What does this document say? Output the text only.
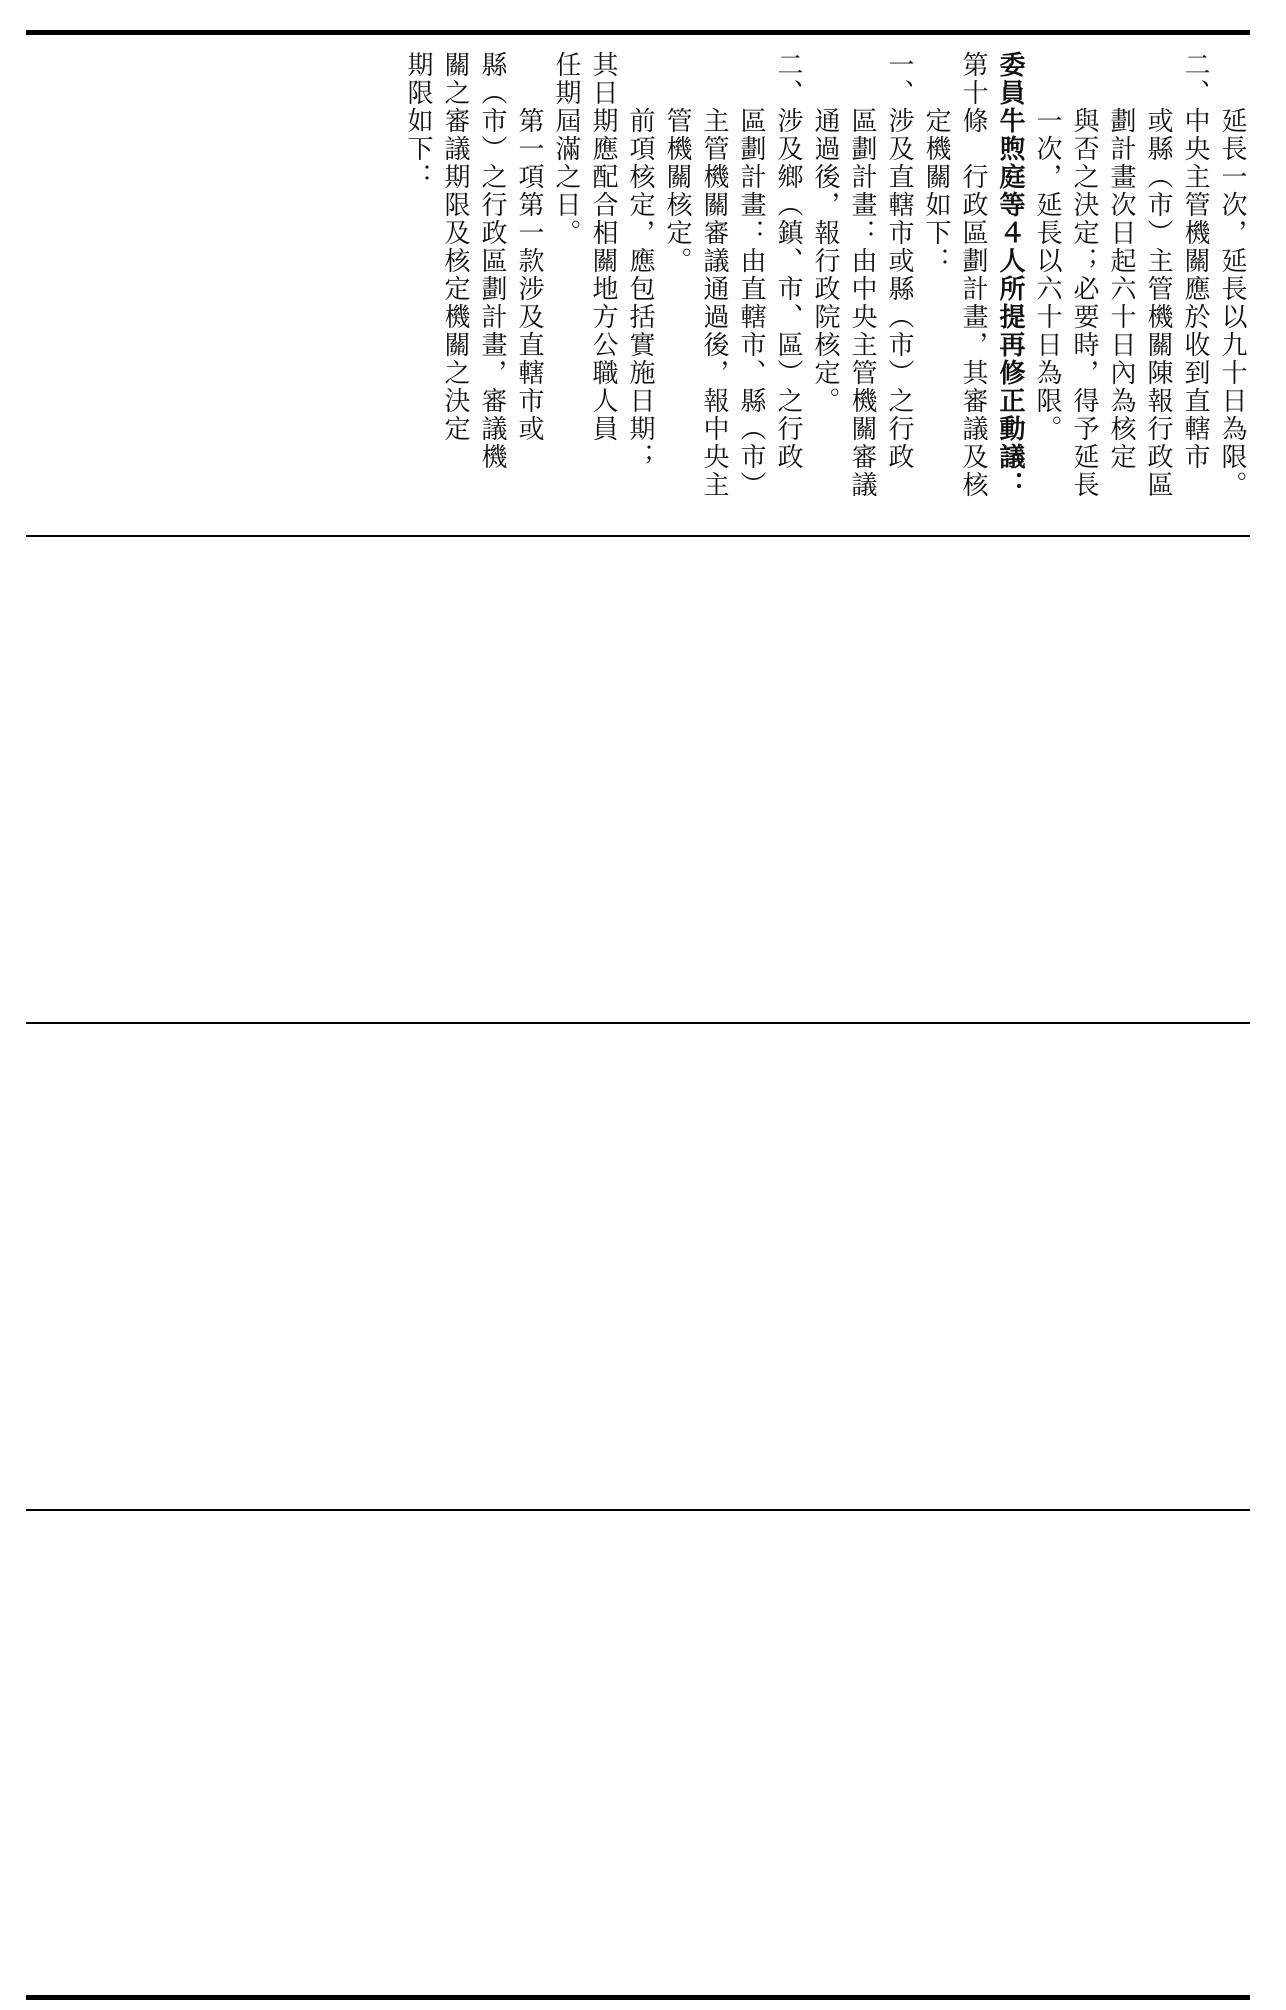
　　延長一次，延長以九十日為限。
二、中央主管機關應於收到直轄市
　　或縣（市）主管機關陳報行政區
　　劃計畫次日起六十日內為核定
　　與否之決定；必要時，得予延長
　　一次，延長以六十日為限。
委員牛煦庭等４人所提再修正動議：
第十條　行政區劃計畫，其審議及核
　　定機關如下：
一、涉及直轄市或縣（市）之行政
　　區劃計畫：由中央主管機關審議
　　通過後，報行政院核定。
二、涉及鄉（鎮、市、區）之行政
　　區劃計畫：由直轄市、縣（市）
　　主管機關審議通過後，報中央主
　　管機關核定。
　　前項核定，應包括實施日期；
其日期應配合相關地方公職人員
任期屆滿之日。
　　第一項第一款涉及直轄市或
縣（市）之行政區劃計畫，審議機
關之審議期限及核定機關之決定
期限如下：
